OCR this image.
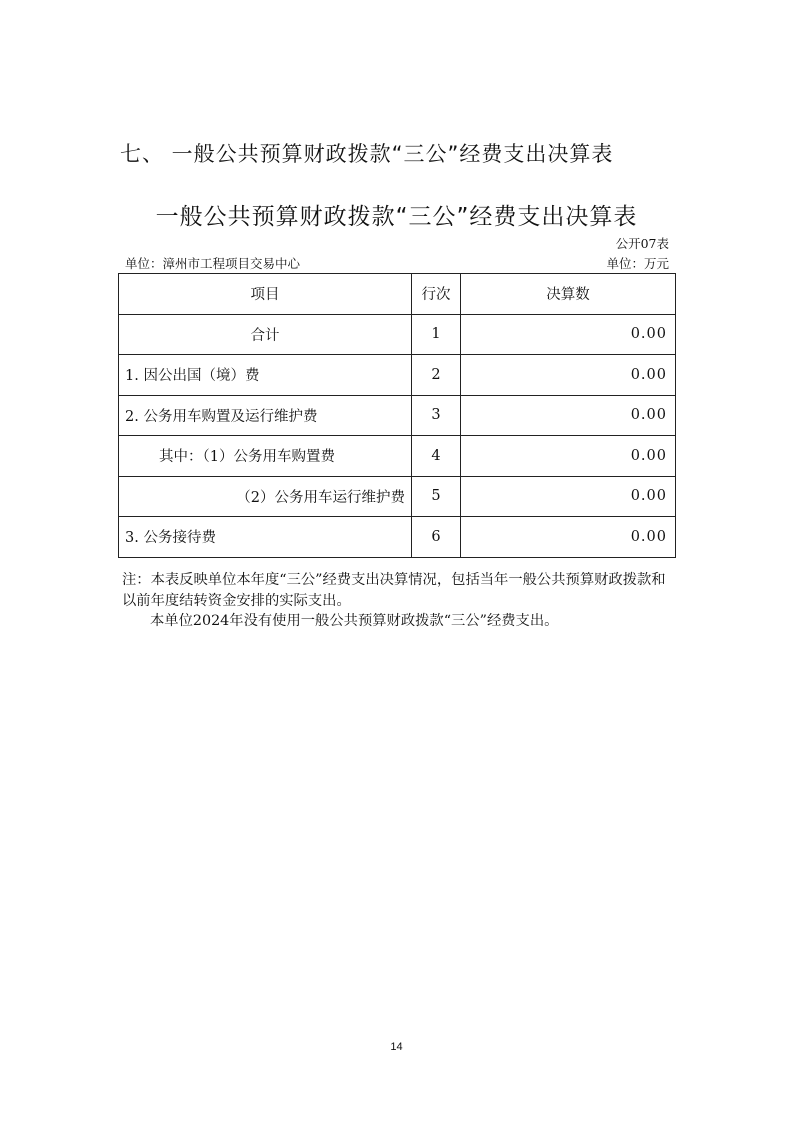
七、 一般公共预算财政拨款“三公”经费支出决算表
一般公共预算财政拨款“三公”经费支出决算表
公开07表
单位：漳州市工程项目交易中心	单位：万元
项目	行次	决算数
合计	1	0.00
1. 因公出国（境）费	2	0.00
2. 公务用车购置及运行维护费	3	0.00
其中：（1）公务用车购置费	4	0.00
（2）公务用车运行维护费	5	0.00
3. 公务接待费	6	0.00
注：本表反映单位本年度“三公”经费支出决算情况，包括当年一般公共预算财政拨款和以前年度结转资金安排的实际支出。
本单位2024年没有使用一般公共预算财政拨款“三公”经费支出。
14
